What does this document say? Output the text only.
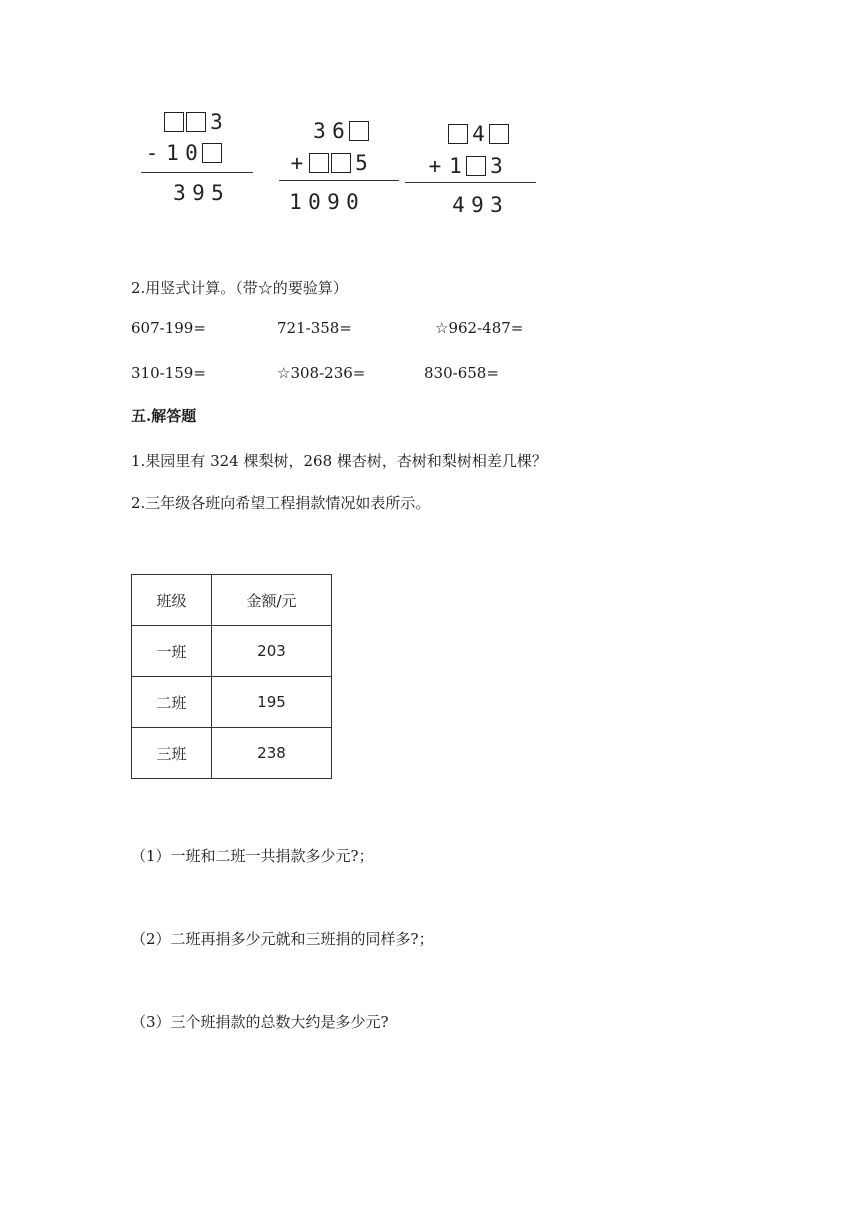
3
- 1 0
3 9 5
3 6
+ 5
1 0 9 0
4
+ 1 3
4 9 3
2.用竖式计算。（带☆的要验算）
607-199=	721-358=	☆962-487=
310-159=	☆308-236=	830-658=
五.解答题
1.果园里有 324 棵梨树，268 棵杏树，杏树和梨树相差几棵？
2.三年级各班向希望工程捐款情况如表所示。
班级	金额/元
一班	203
二班	195
三班	238
（1）一班和二班一共捐款多少元?；
（2）二班再捐多少元就和三班捐的同样多?；
（3）三个班捐款的总数大约是多少元?
